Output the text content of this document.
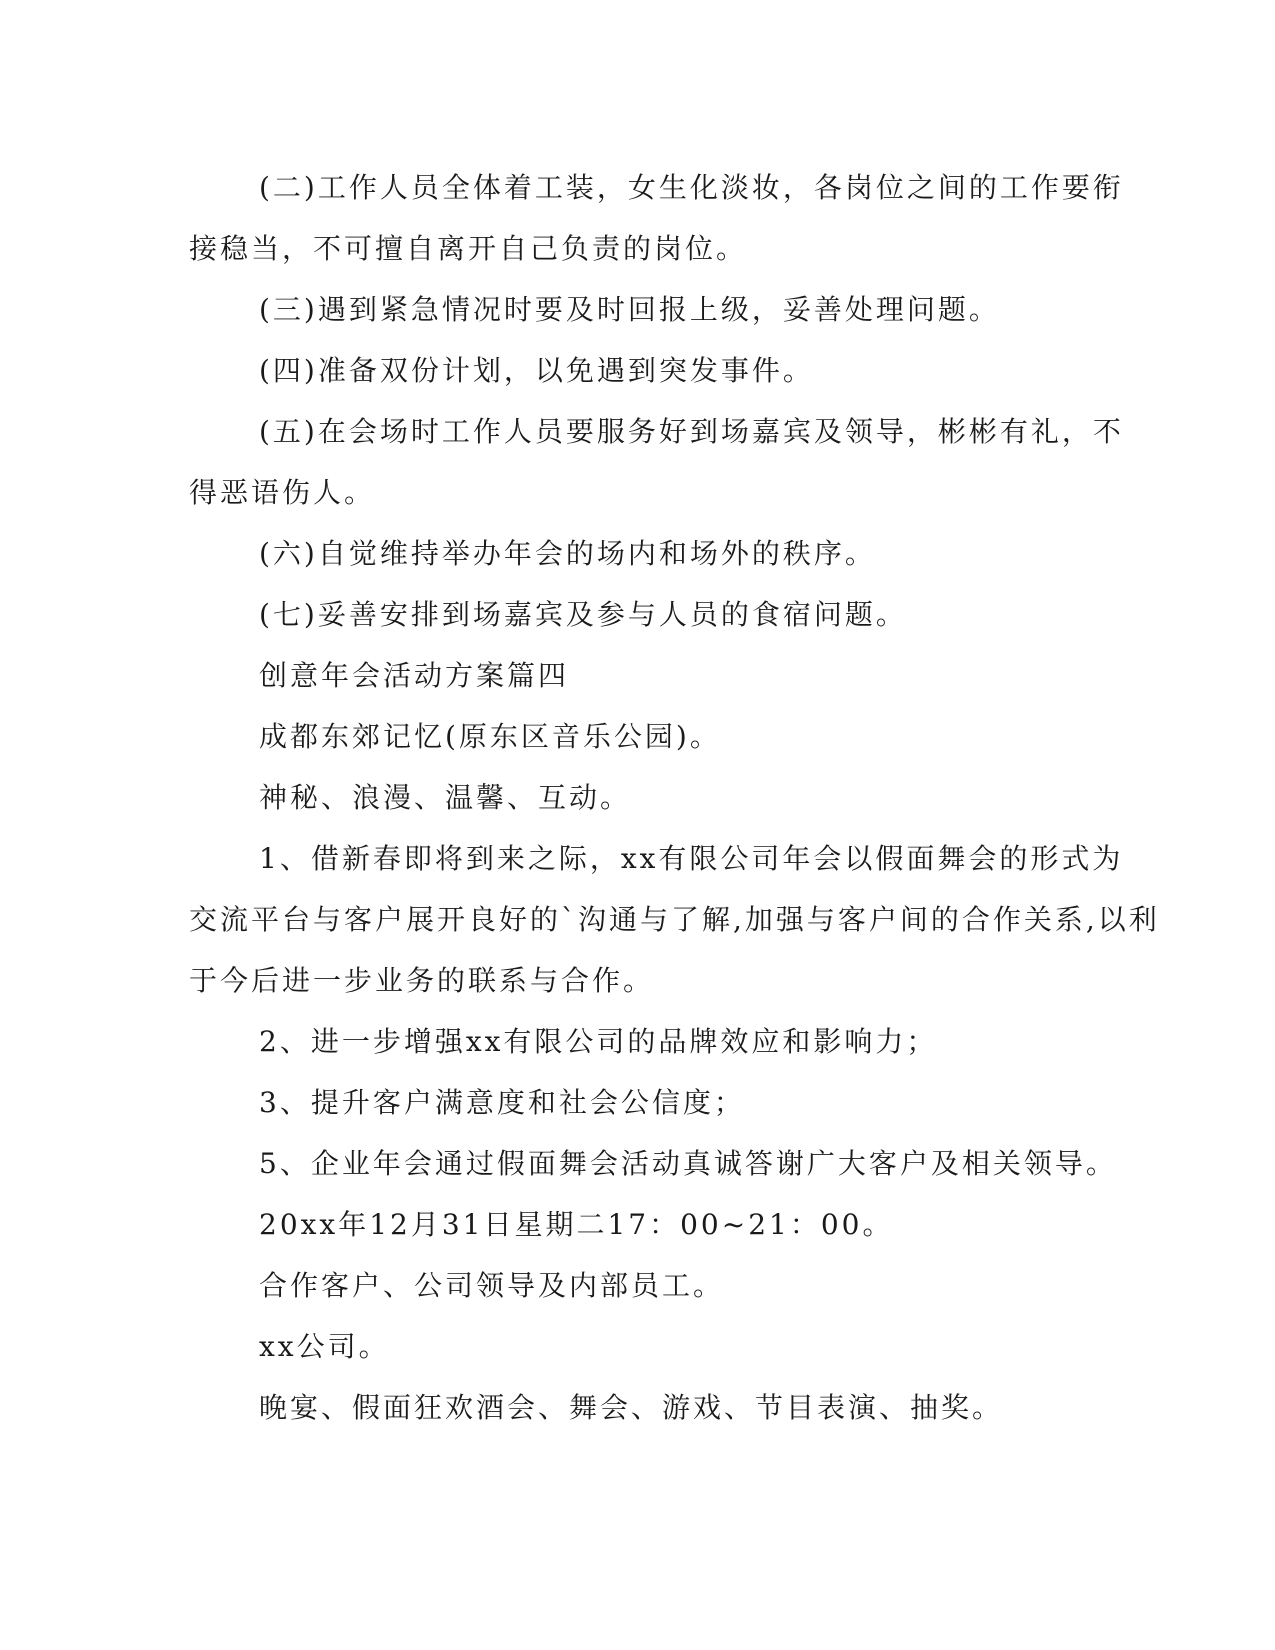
(二)工作人员全体着工装，女生化淡妆，各岗位之间的工作要衔

接稳当，不可擅自离开自己负责的岗位。

(三)遇到紧急情况时要及时回报上级，妥善处理问题。

(四)准备双份计划，以免遇到突发事件。

(五)在会场时工作人员要服务好到场嘉宾及领导，彬彬有礼，不

得恶语伤人。

(六)自觉维持举办年会的场内和场外的秩序。

(七)妥善安排到场嘉宾及参与人员的食宿问题。

创意年会活动方案篇四

成都东郊记忆(原东区音乐公园)。

神秘、浪漫、温馨、互动。

1、借新春即将到来之际，xx有限公司年会以假面舞会的形式为

交流平台与客户展开良好的`沟通与了解,加强与客户间的合作关系,以利

于今后进一步业务的联系与合作。

2、进一步增强xx有限公司的品牌效应和影响力；

3、提升客户满意度和社会公信度；

5、企业年会通过假面舞会活动真诚答谢广大客户及相关领导。

20xx年12月31日星期二17：00~21：00。

合作客户、公司领导及内部员工。

xx公司。

晚宴、假面狂欢酒会、舞会、游戏、节目表演、抽奖。
